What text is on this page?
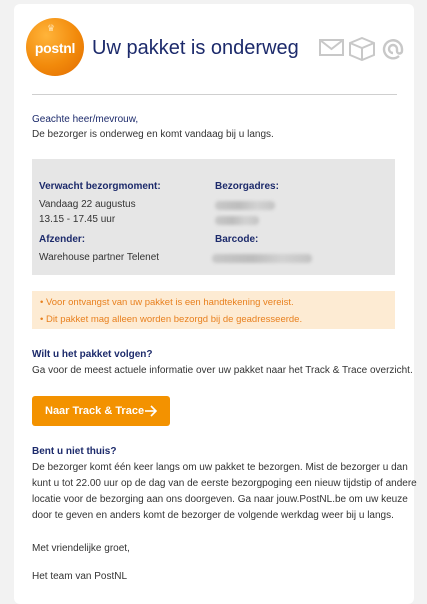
♛
postnl Uw pakket is onderweg
Geachte heer/mevrouw,
De bezorger is onderweg en komt vandaag bij u langs.
Verwacht bezorgmoment:
Vandaag 22 augustus
13.15 - 17.45 uur
Bezorgadres:
Afzender:
Warehouse partner Telenet
Barcode:
• Voor ontvangst van uw pakket is een handtekening vereist.
• Dit pakket mag alleen worden bezorgd bij de geadresseerde.
Wilt u het pakket volgen?
Ga voor de meest actuele informatie over uw pakket naar het Track & Trace overzicht.
Naar Track & Trace
Bent u niet thuis?
De bezorger komt één keer langs om uw pakket te bezorgen. Mist de bezorger u dan
kunt u tot 22.00 uur op de dag van de eerste bezorgpoging een nieuw tijdstip of andere
locatie voor de bezorging aan ons doorgeven. Ga naar jouw.PostNL.be om uw keuze
door te geven en anders komt de bezorger de volgende werkdag weer bij u langs.
Met vriendelijke groet,
Het team van PostNL
